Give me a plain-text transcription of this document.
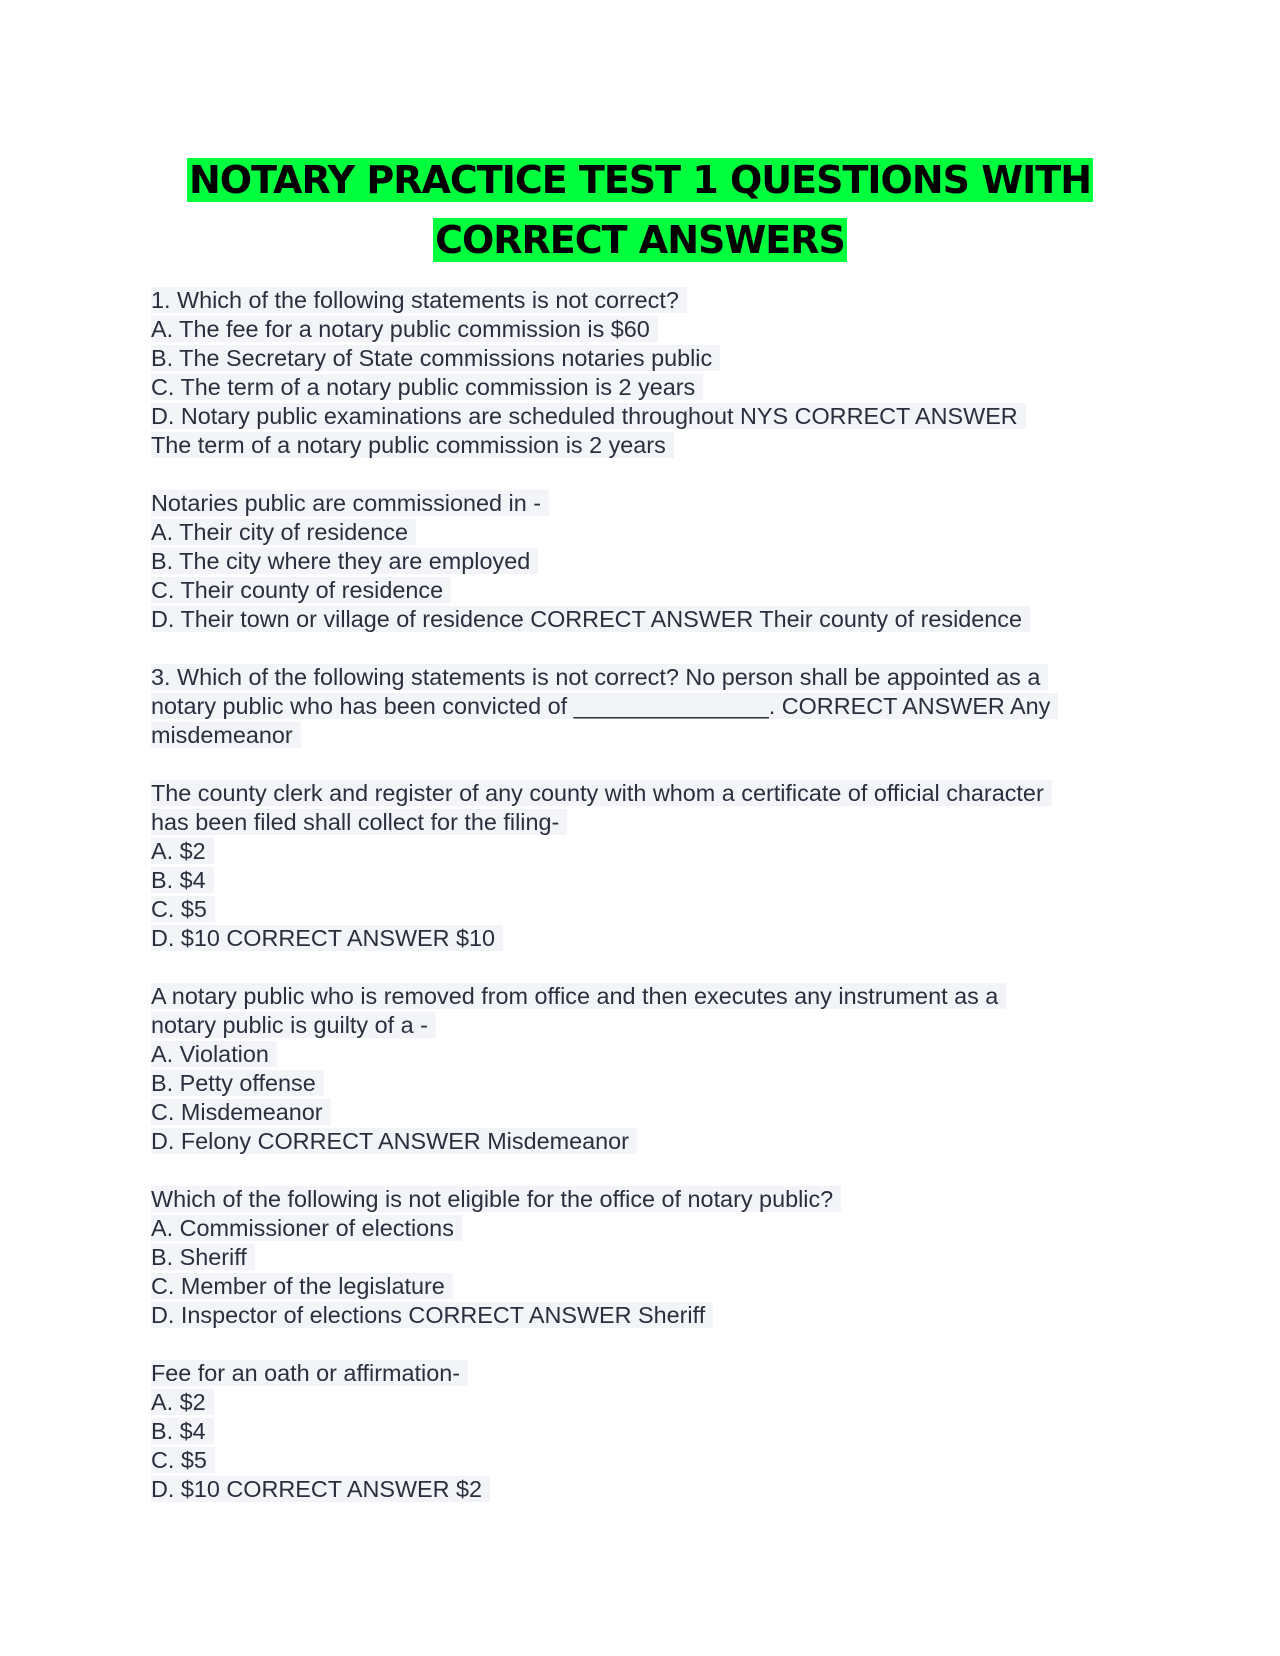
NOTARY PRACTICE TEST 1 QUESTIONS WITH
CORRECT ANSWERS
1. Which of the following statements is not correct?
A. The fee for a notary public commission is $60
B. The Secretary of State commissions notaries public
C. The term of a notary public commission is 2 years
D. Notary public examinations are scheduled throughout NYS CORRECT ANSWER
The term of a notary public commission is 2 years
Notaries public are commissioned in -
A. Their city of residence
B. The city where they are employed
C. Their county of residence
D. Their town or village of residence CORRECT ANSWER Their county of residence
3. Which of the following statements is not correct? No person shall be appointed as a
notary public who has been convicted of _______________. CORRECT ANSWER Any
misdemeanor
The county clerk and register of any county with whom a certificate of official character
has been filed shall collect for the filing-
A. $2
B. $4
C. $5
D. $10 CORRECT ANSWER $10
A notary public who is removed from office and then executes any instrument as a
notary public is guilty of a -
A. Violation
B. Petty offense
C. Misdemeanor
D. Felony CORRECT ANSWER Misdemeanor
Which of the following is not eligible for the office of notary public?
A. Commissioner of elections
B. Sheriff
C. Member of the legislature
D. Inspector of elections CORRECT ANSWER Sheriff
Fee for an oath or affirmation-
A. $2
B. $4
C. $5
D. $10 CORRECT ANSWER $2
